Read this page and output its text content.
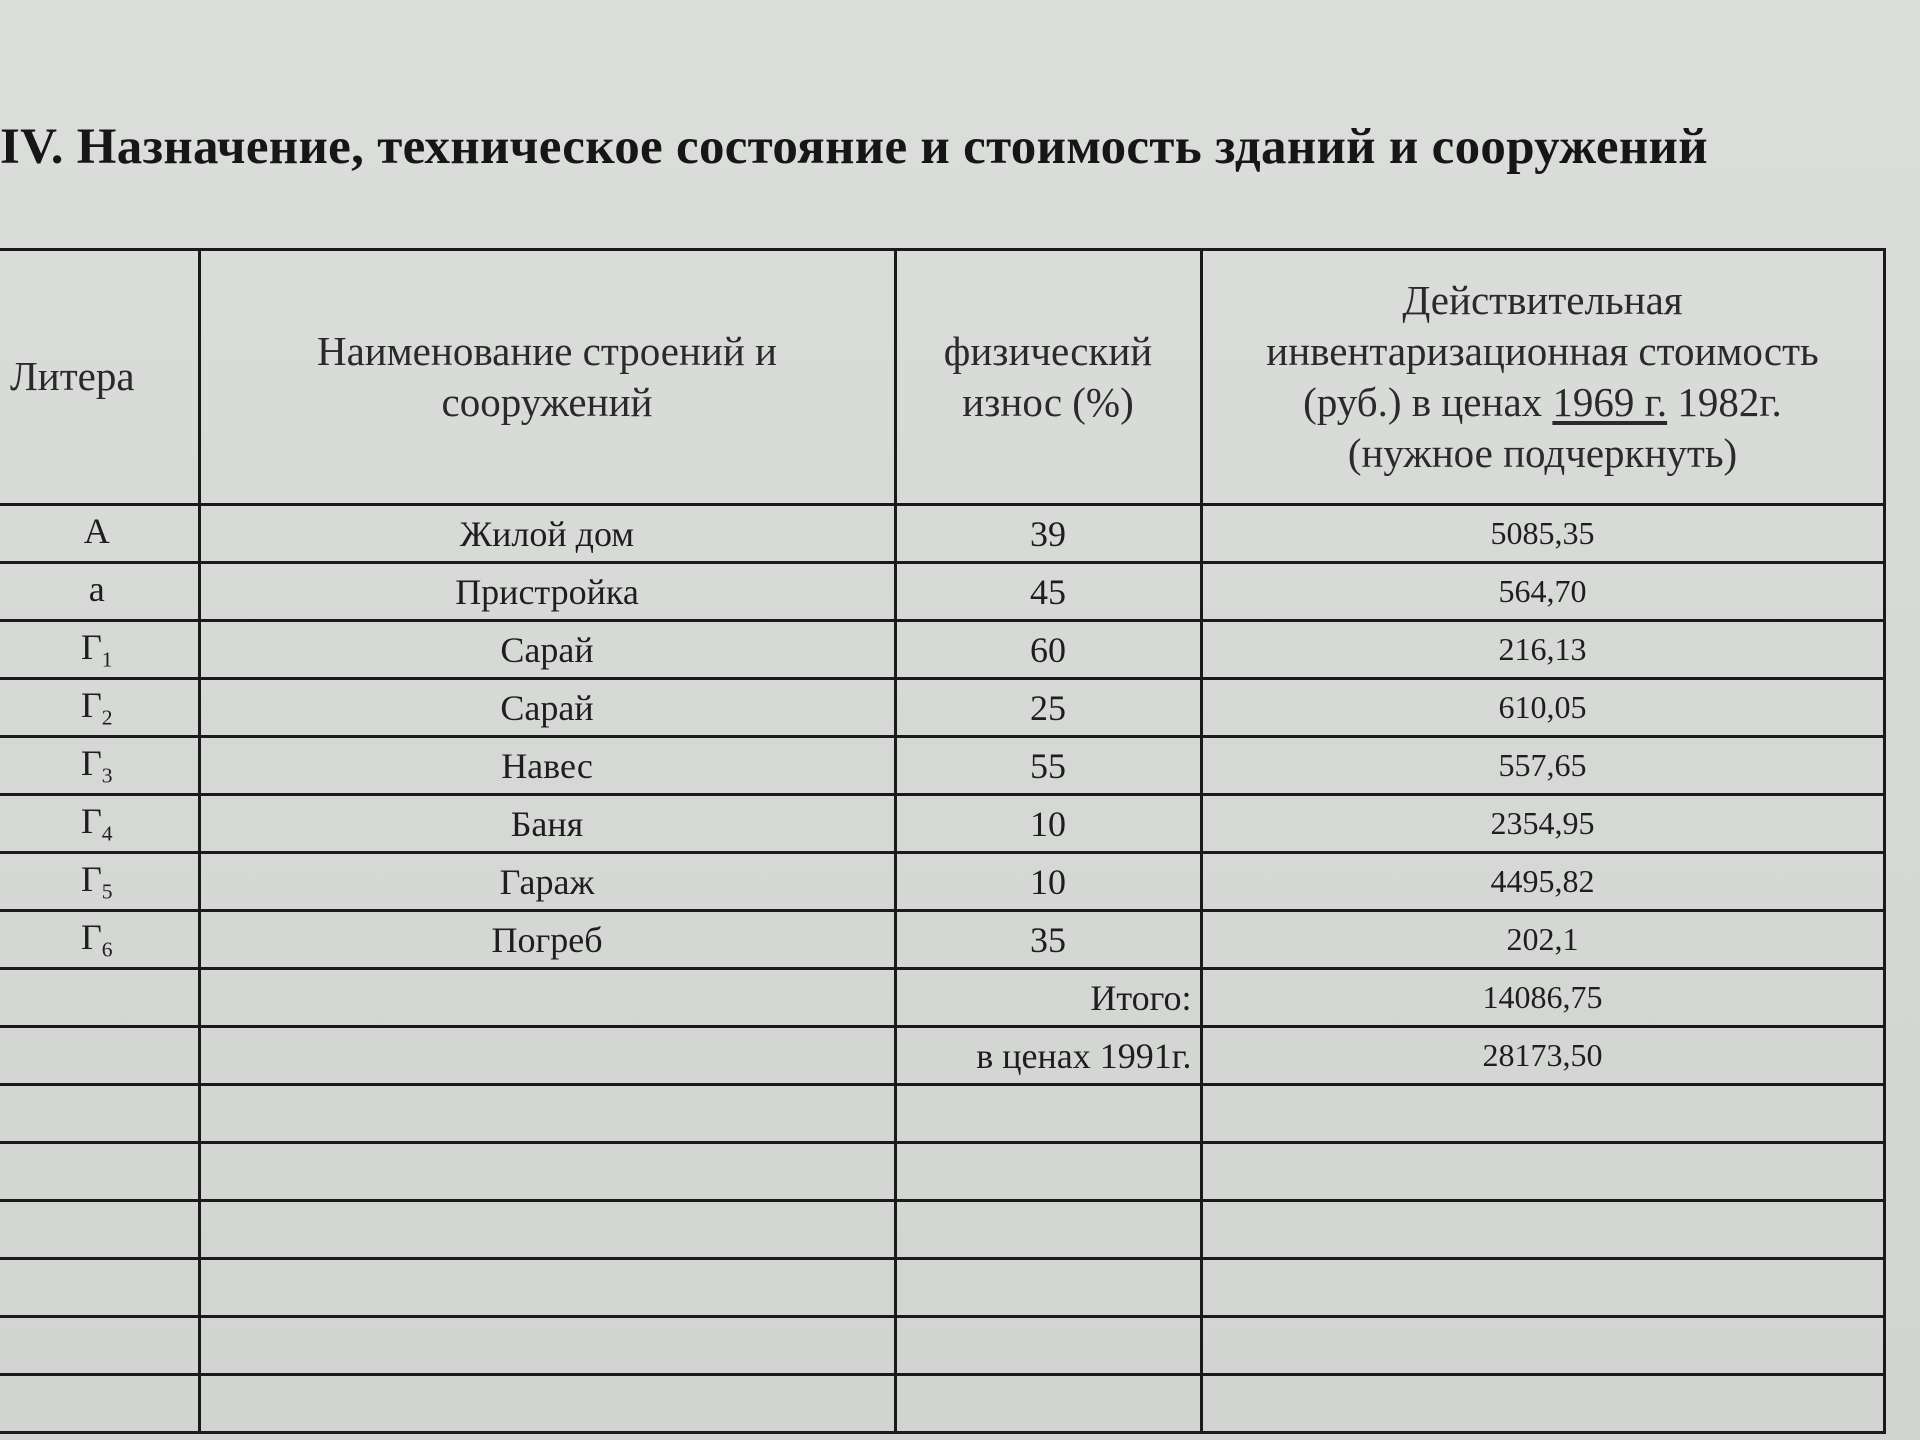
IV. Назначение, техническое состояние и стоимость зданий и сооружений
Литера	Наименование строений и сооружений	физический износ (%)	Действительная
инвентаризационная стоимость
(руб.) в ценах 1969 г. 1982г.
(нужное подчеркнуть)

А	Жилой дом	39	5085,35
а	Пристройка	45	564,70
$Г_1$	Сарай	60	216,13
$Г_2$	Сарай	25	610,05
$Г_3$	Навес	55	557,65
$Г_4$	Баня	10	2354,95
$Г_5$	Гараж	10	4495,82
$Г_6$	Погреб	35	202,1
		Итого:	14086,75
		в ценах 1991г.	28173,50
